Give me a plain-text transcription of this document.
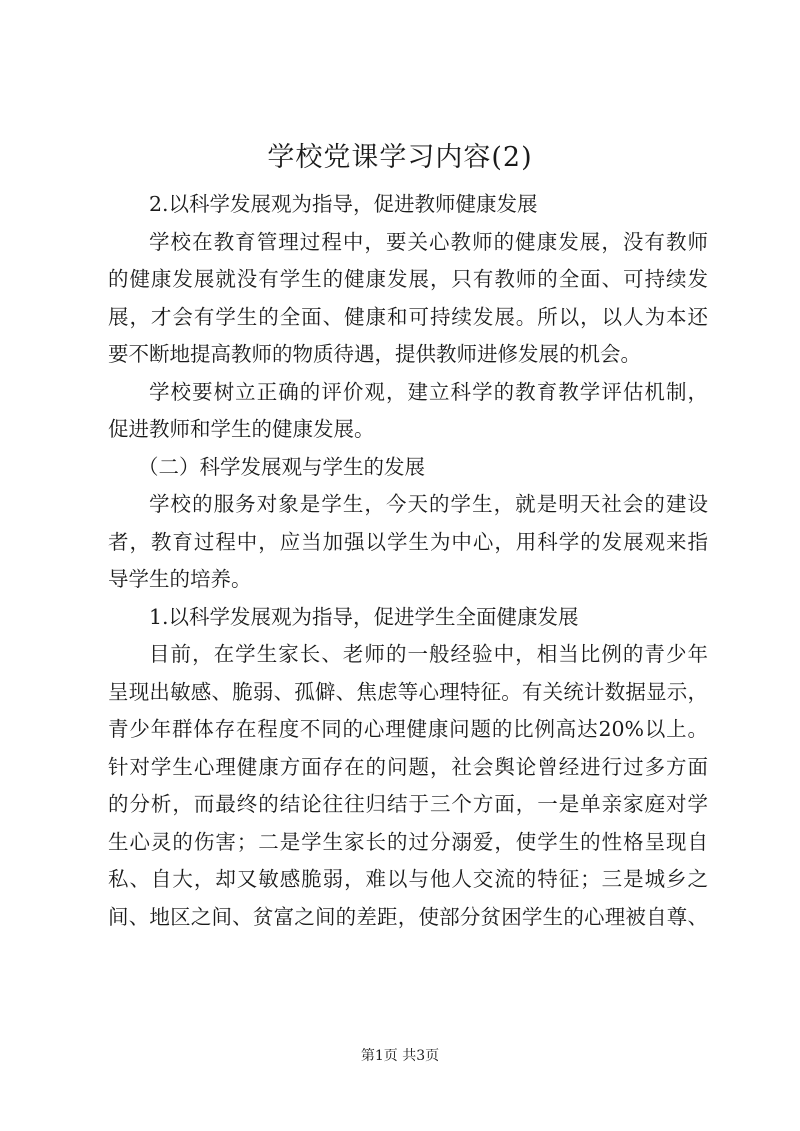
学校党课学习内容(2)
2.以科学发展观为指导，促进教师健康发展
学校在教育管理过程中，要关心教师的健康发展，没有教师
的健康发展就没有学生的健康发展，只有教师的全面、可持续发
展，才会有学生的全面、健康和可持续发展。所以，以人为本还
要不断地提高教师的物质待遇，提供教师进修发展的机会。
学校要树立正确的评价观，建立科学的教育教学评估机制，
促进教师和学生的健康发展。
（二）科学发展观与学生的发展
学校的服务对象是学生，今天的学生，就是明天社会的建设
者，教育过程中，应当加强以学生为中心，用科学的发展观来指
导学生的培养。
1.以科学发展观为指导，促进学生全面健康发展
目前，在学生家长、老师的一般经验中，相当比例的青少年
呈现出敏感、脆弱、孤僻、焦虑等心理特征。有关统计数据显示，
青少年群体存在程度不同的心理健康问题的比例高达20%以上。
针对学生心理健康方面存在的问题，社会舆论曾经进行过多方面
的分析，而最终的结论往往归结于三个方面，一是单亲家庭对学
生心灵的伤害；二是学生家长的过分溺爱，使学生的性格呈现自
私、自大，却又敏感脆弱，难以与他人交流的特征；三是城乡之
间、地区之间、贫富之间的差距，使部分贫困学生的心理被自尊、
第1页 共3页
